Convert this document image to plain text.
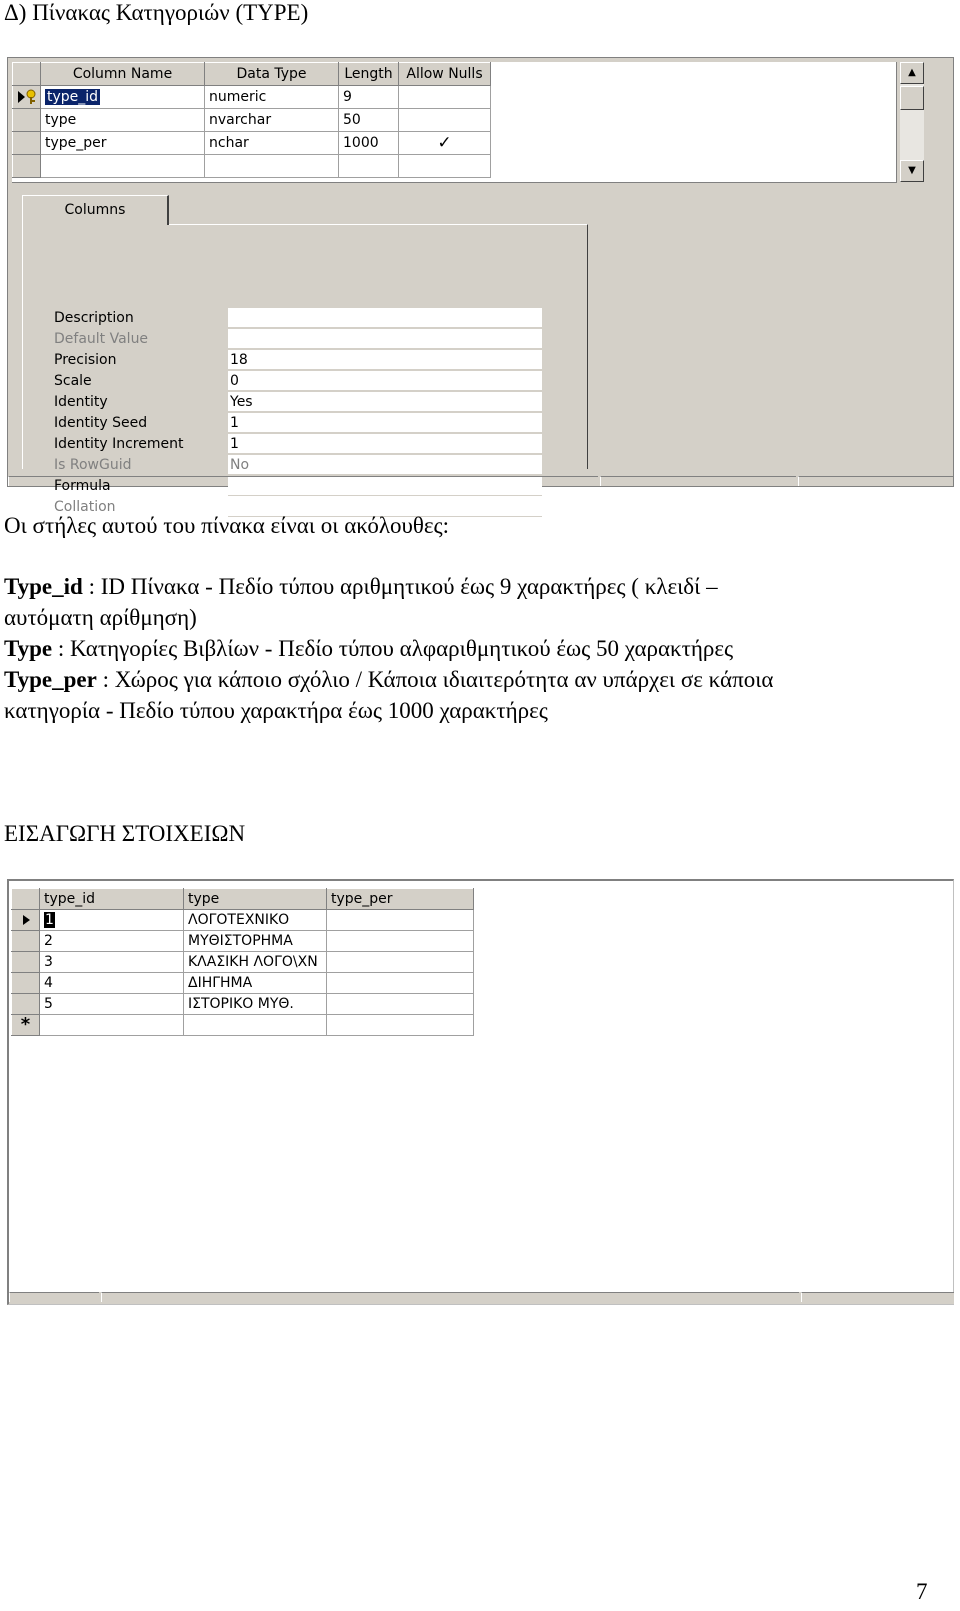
Δ) Πίνακας Κατηγοριών (TYPE)
	Column Name	Data Type	Length	Allow Nulls

	type_id	numeric	9	
	type	nvarchar	50	
	type_per	nchar	1000	✓

▲
▼
Columns
Description
Default Value
Precision	18
Scale	0
Identity	Yes
Identity Seed	1
Identity Increment	1
Is RowGuid	No
Formula
Collation
Οι στήλες αυτού του πίνακα είναι οι ακόλουθες:
Type_id : ID Πίνακα - Πεδίο τύπου αριθμητικού έως 9 χαρακτήρες ( κλειδί –
αυτόματη αρίθμηση)
Type : Κατηγορίες Βιβλίων - Πεδίο τύπου αλφαριθμητικού έως 50 χαρακτήρες
Type_per : Χώρος για κάποιο σχόλιο / Κάποια ιδιαιτερότητα αν υπάρχει σε κάποια
κατηγορία - Πεδίο τύπου χαρακτήρα έως 1000 χαρακτήρες
ΕΙΣΑΓΩΓΗ ΣΤΟΙΧΕΙΩΝ
	type_id	type	type_per

	1	ΛΟΓΟΤΕΧΝΙΚΟ	
	2	ΜΥΘΙΣΤΟΡΗΜΑ	
	3	ΚΛΑΣΙΚΗ ΛΟΓΟ\ΧΝ	
	4	ΔΙΗΓΗΜΑ	
	5	ΙΣΤΟΡΙΚΟ ΜΥΘ.	
*			
7
